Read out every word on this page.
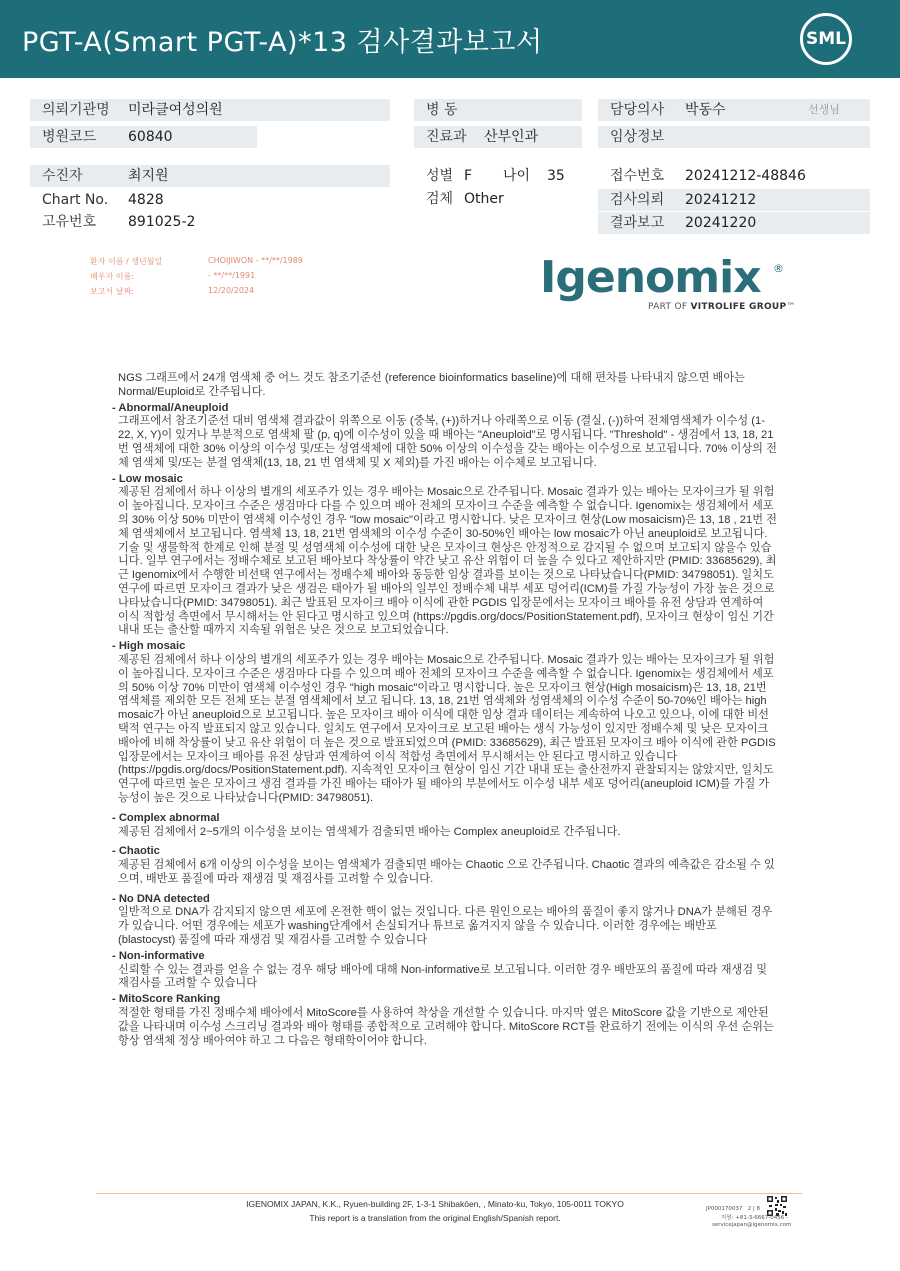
PGT-A(Smart PGT-A)*13 검사결과보고서	SML
의뢰기관명 미라클여성의원
병원코드 60840
수진자	최지원
Chart No. 4828
고유번호 891025-2
병 동
진료과 산부인과
성별 F 나이 35
검체 Other
담당의사 박동수	선생님
임상정보
접수번호 20241212-48846
검사의뢰 20241212
결과보고 20241220
환자 이름 / 생년월일	CHOIJIWON - **/**/1989
배우자 이름:	- **/**/1991
보고서 날짜:	12/20/2024	Igenomix ®
PART OF VITROLIFE GROUP™
NGS 그래프에서 24개 염색체 중 어느 것도 참조기준선 (reference bioinformatics baseline)에 대해 편차를 나타내지 않으면 배아는 Normal/Euploid로 간주됩니다.
- Abnormal/Aneuploid
그래프에서 참조기준선 대비 염색체 결과값이 위쪽으로 이동 (중복, (+))하거나 아래쪽으로 이동 (결실, (-))하여 전체염색체가 이수성 (1-22, X, Y)이 있거나 부분적으로 염색체 팔 (p, q)에 이수성이 있을 때 배아는 "Aneuploid"로 명시됩니다. "Threshold" - 생검에서 13, 18, 21 번 염색체에 대한 30% 이상의 이수성 및/또는 성염색체에 대한 50% 이상의 이수성을 갖는 배아는 이수성으로 보고됩니다. 70% 이상의 전체 염색체 및/또는 분절 염색체(13, 18, 21 번 염색체 및 X 제외)를 가진 배아는 이수체로 보고됩니다.
- Low mosaic
제공된 검체에서 하나 이상의 별개의 세포주가 있는 경우 배아는 Mosaic으로 간주됩니다. Mosaic 결과가 있는 배아는 모자이크가 될 위험이 높아집니다. 모자이크 수준은 생검마다 다를 수 있으며 배아 전체의 모자이크 수준을 예측할 수 없습니다. Igenomix는 생검체에서 세포의 30% 이상 50% 미만이 염색체 이수성인 경우 "low mosaic"이라고 명시합니다. 낮은 모자이크 현상(Low mosaicism)은 13, 18 , 21번 전체 염색체에서 보고됩니다. 염색체 13, 18, 21번 염색체의 이수성 수준이 30-50%인 배아는 low mosaic가 아닌 aneuploid로 보고됩니다. 기술 및 생물학적 한계로 인해 분절 및 성염색체 이수성에 대한 낮은 모자이크 현상은 안정적으로 감지될 수 없으며 보고되지 않을수 있습니다. 일부 연구에서는 정배수체로 보고된 배아보다 착상률이 약간 낮고 유산 위험이 더 높을 수 있다고 제안하지만 (PMID: 33685629), 최근 Igenomix에서 수행한 비선택 연구에서는 정배수체 배아와 동등한 임상 결과를 보이는 것으로 나타났습니다(PMID: 34798051). 일치도 연구에 따르면 모자이크 결과가 낮은 생검은 태아가 될 배아의 일부인 정배수체 내부 세포 덩어리(ICM)를 가질 가능성이 가장 높은 것으로 나타났습니다(PMID: 34798051). 최근 발표된 모자이크 배아 이식에 관한 PGDIS 입장문에서는 모자이크 배아를 유전 상담과 연계하여 이식 적합성 측면에서 무시해서는 안 된다고 명시하고 있으며 (https://pgdis.org/docs/PositionStatement.pdf), 모자이크 현상이 임신 기간 내내 또는 출산할 때까지 지속될 위험은 낮은 것으로 보고되었습니다.
- High mosaic
제공된 검체에서 하나 이상의 별개의 세포주가 있는 경우 배아는 Mosaic으로 간주됩니다. Mosaic 결과가 있는 배아는 모자이크가 될 위험이 높아집니다. 모자이크 수준은 생검마다 다를 수 있으며 배아 전체의 모자이크 수준을 예측할 수 없습니다. Igenomix는 생검체에서 세포의 50% 이상 70% 미만이 염색체 이수성인 경우 "high mosaic"이라고 명시합니다. 높은 모자이크 현상(High mosaicism)은 13, 18, 21번 염색체를 제외한 모든 전체 또는 분절 염색체에서 보고 됩니다. 13, 18, 21번 염색체와 성염색체의 이수성 수준이 50-70%인 배아는 high mosaic가 아닌 aneuploid으로 보고됩니다. 높은 모자이크 배아 이식에 대한 임상 결과 데이터는 계속하여 나오고 있으나, 이에 대한 비선택적 연구는 아직 발표되지 않고 있습니다. 일치도 연구에서 모자이크로 보고된 배아는 생식 가능성이 있지만 정배수체 및 낮은 모자이크 배아에 비해 착상률이 낮고 유산 위험이 더 높은 것으로 발표되었으며 (PMID: 33685629), 최근 발표된 모자이크 배아 이식에 관한 PGDIS 입장문에서는 모자이크 배아를 유전 상담과 연계하여 이식 적합성 측면에서 무시해서는 안 된다고 명시하고 있습니다 (https://pgdis.org/docs/PositionStatement.pdf). 지속적인 모자이크 현상이 임신 기간 내내 또는 출산전까지 관찰되지는 않았지만, 일치도 연구에 따르면 높은 모자이크 생검 결과를 가진 배아는 태아가 될 배아의 부분에서도 이수성 내부 세포 덩어리(aneuploid ICM)를 가질 가능성이 높은 것으로 나타났습니다(PMID: 34798051).
- Complex abnormal
제공된 검체에서 2~5개의 이수성을 보이는 염색체가 검출되면 배아는 Complex aneuploid로 간주됩니다.
- Chaotic
제공된 검체에서 6개 이상의 이수성을 보이는 염색체가 검출되면 배아는 Chaotic 으로 간주됩니다. Chaotic 결과의 예측값은 감소될 수 있으며, 배반포 품질에 따라 재생검 및 재검사를 고려할 수 있습니다.
- No DNA detected
일반적으로 DNA가 감지되지 않으면 세포에 온전한 핵이 없는 것입니다. 다른 원인으로는 배아의 품질이 좋지 않거나 DNA가 분해된 경우가 있습니다. 어떤 경우에는 세포가 washing단계에서 손실되거나 튜브로 옮겨지지 않을 수 있습니다. 이러한 경우에는 배반포 (blastocyst) 품질에 따라 재생검 및 재검사를 고려할 수 있습니다
- Non-informative
신뢰할 수 있는 결과를 얻을 수 없는 경우 해당 배아에 대해 Non-informative로 보고됩니다. 이러한 경우 배반포의 품질에 따라 재생검 및 재검사를 고려할 수 있습니다
- MitoScore Ranking
적절한 형태를 가진 정배수체 배아에서 MitoScore를 사용하여 착상을 개선할 수 있습니다. 마지막 옆은 MitoScore 값을 기반으로 제안된 값을 나타내며 이수성 스크리닝 결과와 배아 형태를 종합적으로 고려해야 합니다. MitoScore RCT를 완료하기 전에는 이식의 우선 순위는 항상 염색체 정상 배아여야 하고 그 다음은 형태학이어야 합니다.
IGENOMIX JAPAN, K.K., Ryuen-building 2F, 1-3-1 Shibakōen, , Minato-ku, Tokyo, 105-0011 TOKYO
This report is a translation from the original English/Spanish report.
JP000170037 2 | 8
지원: +81-3-6667-0456 -
servicejapan@igenomix.com
